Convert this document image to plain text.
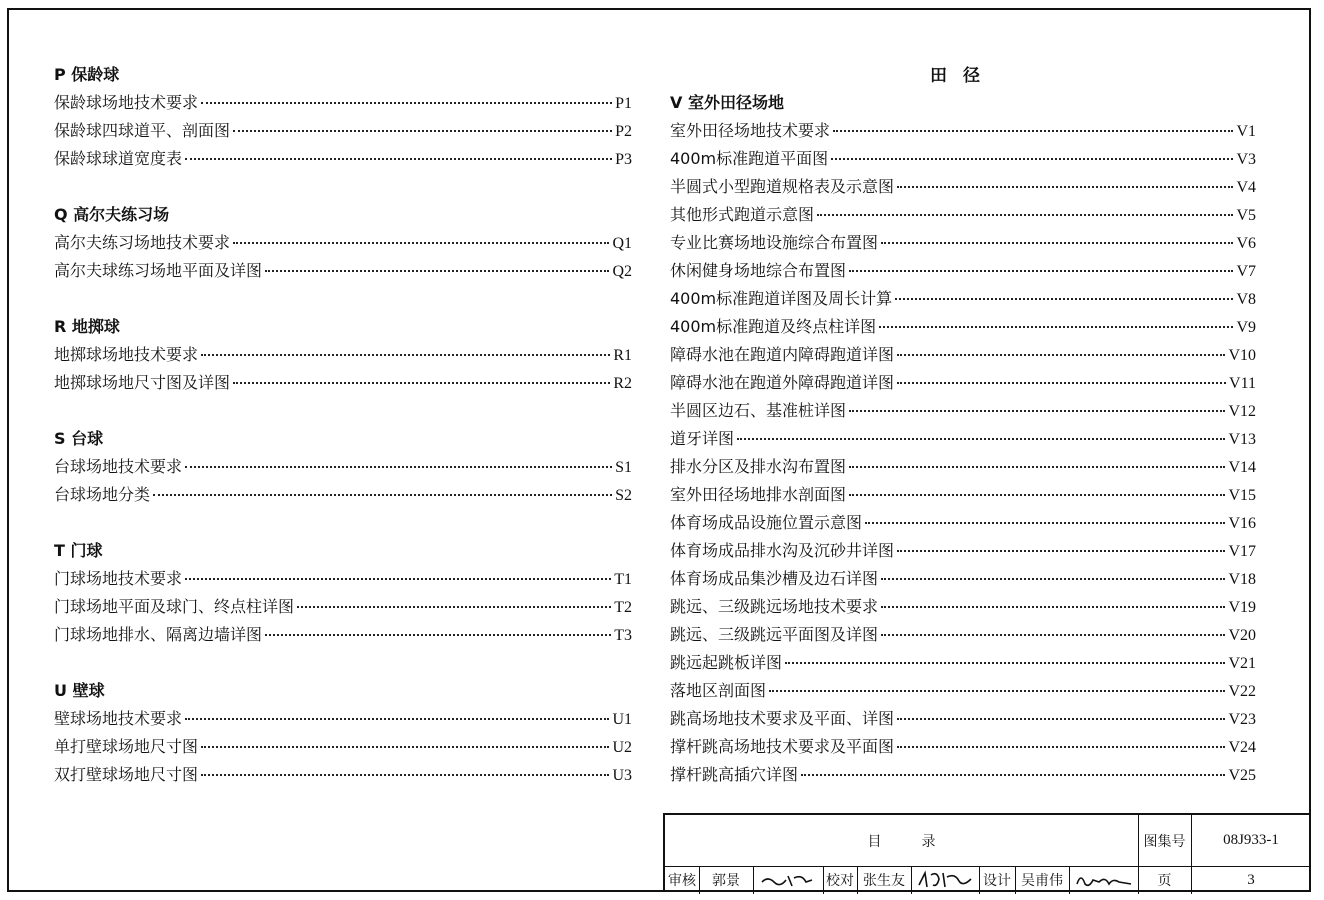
P 保龄球
保龄球场地技术要求	P1
保龄球四球道平、剖面图	P2
保龄球球道宽度表	P3
Q 高尔夫练习场
高尔夫练习场地技术要求	Q1
高尔夫球练习场地平面及详图	Q2
R 地掷球
地掷球场地技术要求	R1
地掷球场地尺寸图及详图	R2
S 台球
台球场地技术要求	S1
台球场地分类	S2
T 门球
门球场地技术要求	T1
门球场地平面及球门、终点柱详图	T2
门球场地排水、隔离边墙详图	T3
U 壁球
壁球场地技术要求	U1
单打壁球场地尺寸图	U2
双打壁球场地尺寸图	U3
田径
V 室外田径场地
室外田径场地技术要求	V1
400m标准跑道平面图	V3
半圆式小型跑道规格表及示意图	V4
其他形式跑道示意图	V5
专业比赛场地设施综合布置图	V6
休闲健身场地综合布置图	V7
400m标准跑道详图及周长计算	V8
400m标准跑道及终点柱详图	V9
障碍水池在跑道内障碍跑道详图	V10
障碍水池在跑道外障碍跑道详图	V11
半圆区边石、基准桩详图	V12
道牙详图	V13
排水分区及排水沟布置图	V14
室外田径场地排水剖面图	V15
体育场成品设施位置示意图	V16
体育场成品排水沟及沉砂井详图	V17
体育场成品集沙槽及边石详图	V18
跳远、三级跳远场地技术要求	V19
跳远、三级跳远平面图及详图	V20
跳远起跳板详图	V21
落地区剖面图	V22
跳高场地技术要求及平面、详图	V23
撑杆跳高场地技术要求及平面图	V24
撑杆跳高插穴详图	V25
目录	图集号	08J933-1
审核	郭景	校对 张生友	设计 吴甫伟	页	3
